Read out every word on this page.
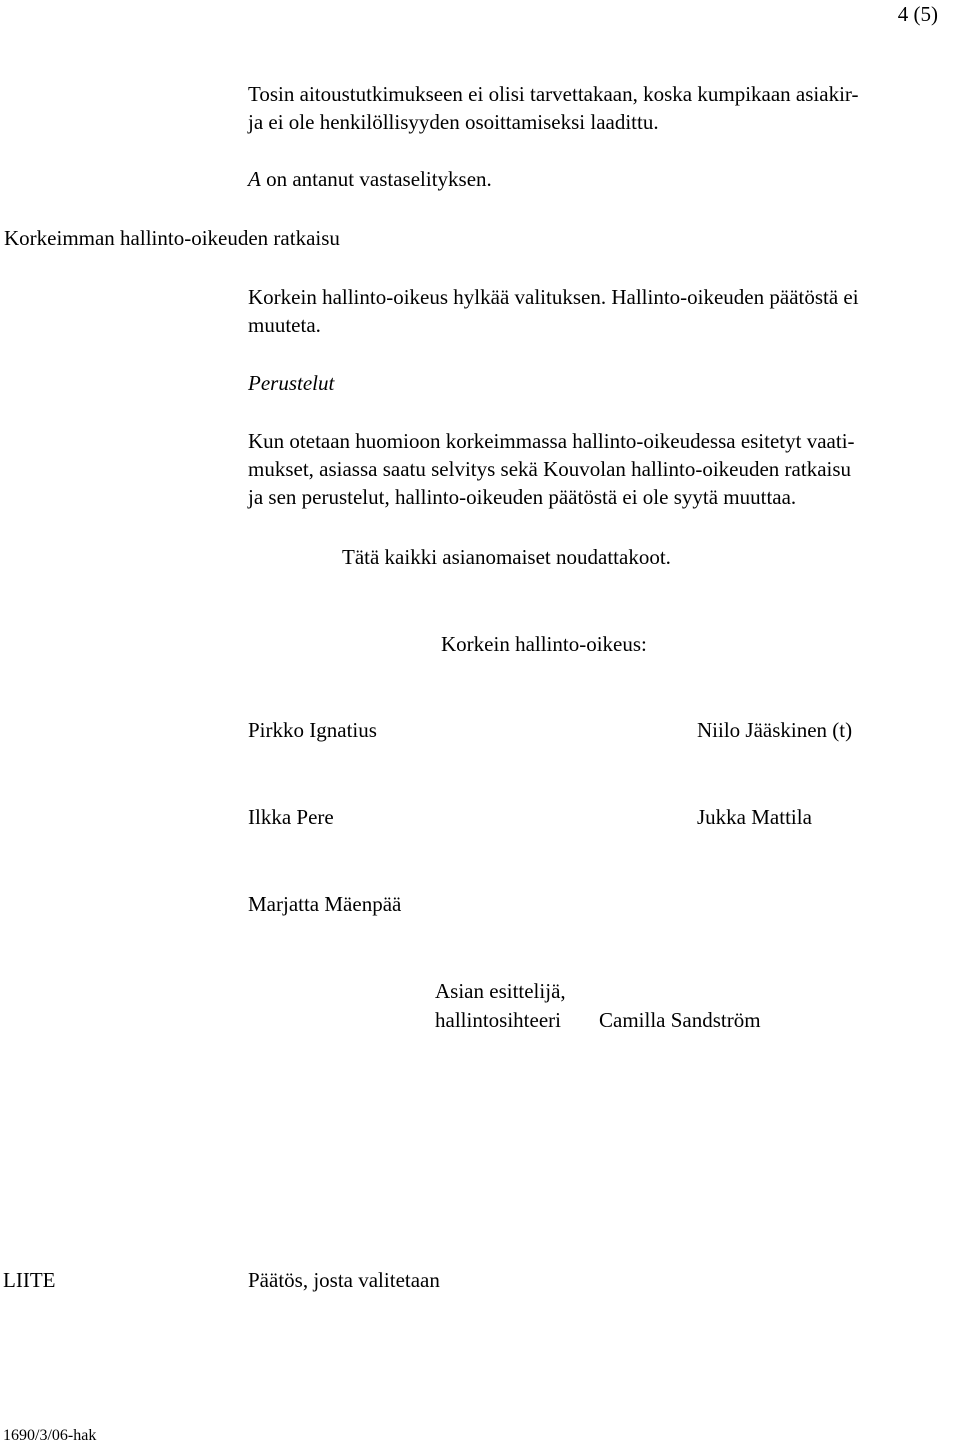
4 (5)
Tosin aitoustutkimukseen ei olisi tarvettakaan, koska kumpikaan asiakir-
ja ei ole henkilöllisyyden osoittamiseksi laadittu.
A on antanut vastaselityksen.
Korkeimman hallinto-oikeuden ratkaisu
Korkein hallinto-oikeus hylkää valituksen. Hallinto-oikeuden päätöstä ei
muuteta.
Perustelut
Kun otetaan huomioon korkeimmassa hallinto-oikeudessa esitetyt vaati-
mukset, asiassa saatu selvitys sekä Kouvolan hallinto-oikeuden ratkaisu
ja sen perustelut, hallinto-oikeuden päätöstä ei ole syytä muuttaa.
Tätä kaikki asianomaiset noudattakoot.
Korkein hallinto-oikeus:
Pirkko Ignatius	Niilo Jääskinen (t)
Ilkka Pere	Jukka Mattila
Marjatta Mäenpää
Asian esittelijä,
hallintosihteeri Camilla Sandström
LIITE	Päätös, josta valitetaan
1690/3/06-hak
